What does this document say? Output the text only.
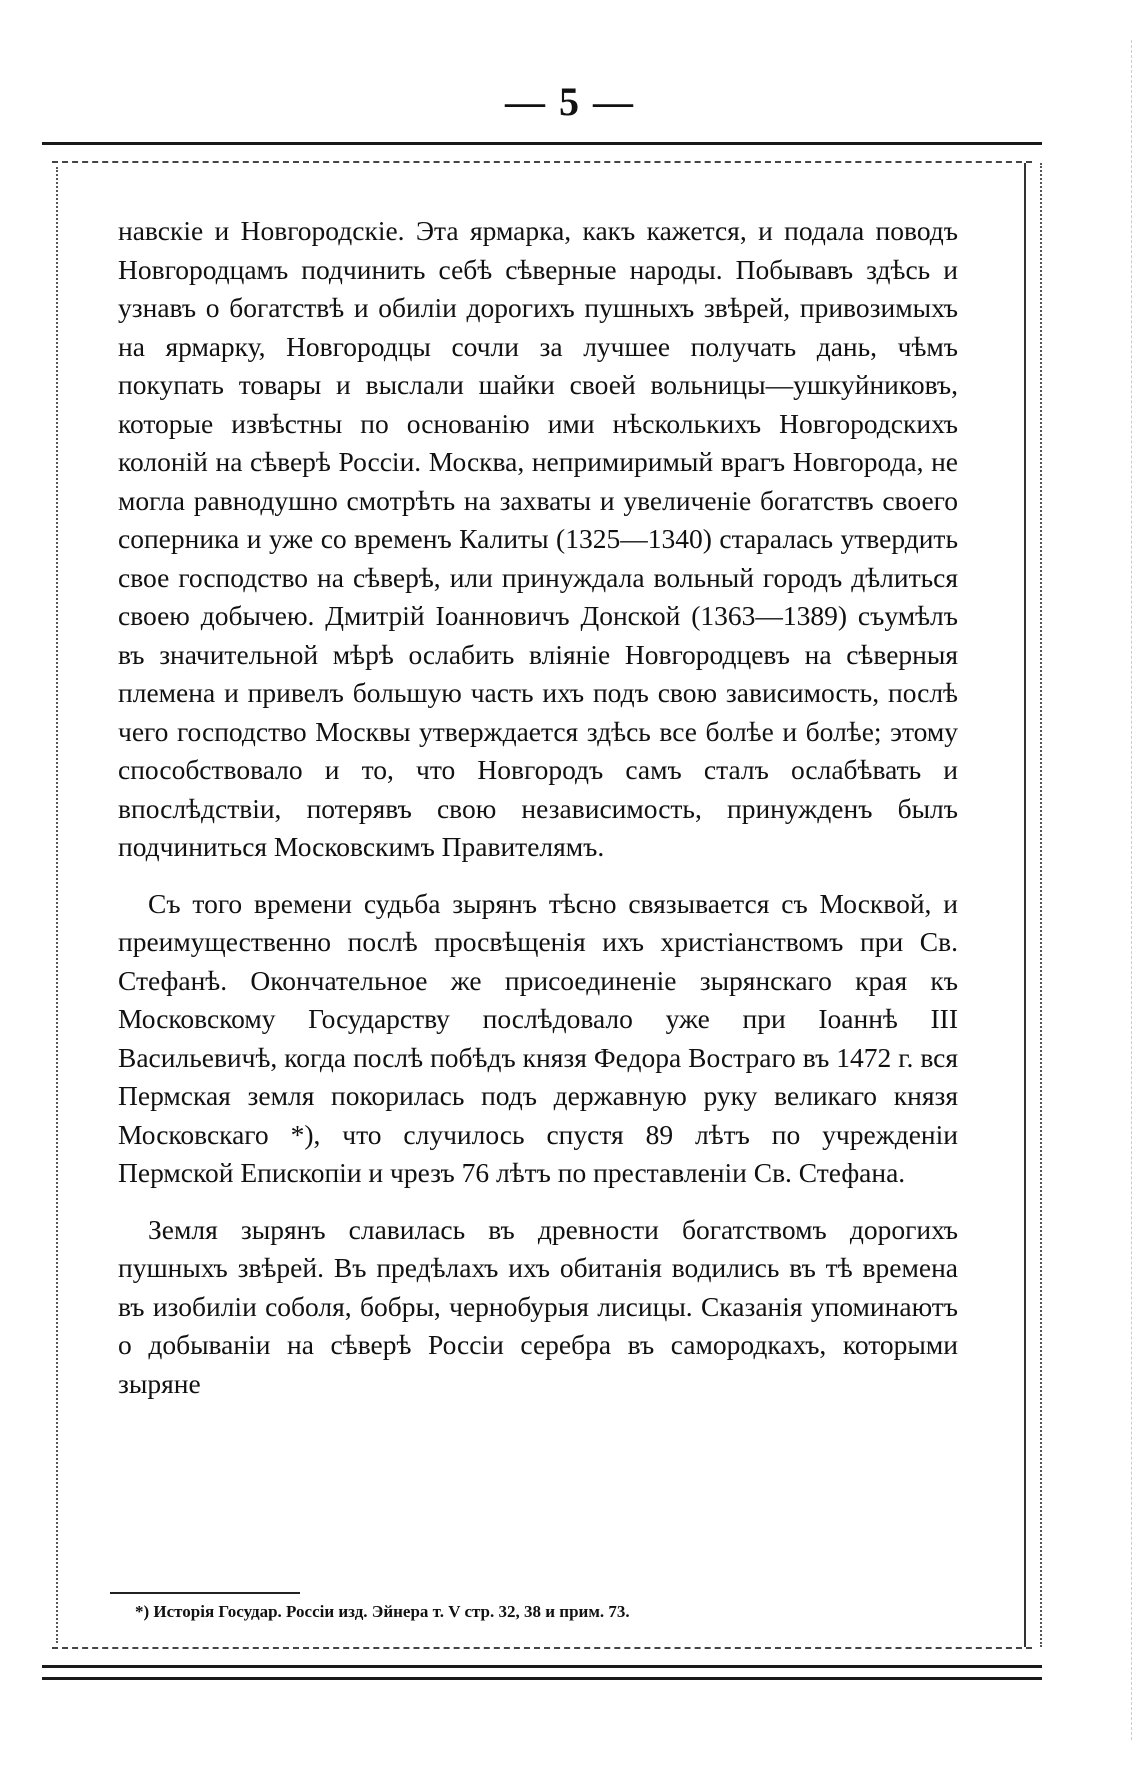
— 5 —

навскіе и Новгородскіе. Эта ярмарка, какъ кажется, и подала поводъ Новгородцамъ подчинить себѣ сѣверные народы. Побывавъ здѣсь и узнавъ о богатствѣ и обиліи дорогихъ пушныхъ звѣрей, привозимыхъ на ярмарку, Новгородцы сочли за лучшее получать дань, чѣмъ покупать товары и выслали шайки своей вольницы—ушкуйниковъ, которые извѣстны по основанію ими нѣсколькихъ Новгородскихъ колоній на сѣверѣ Россіи. Москва, непримиримый врагъ Новгорода, не могла равнодушно смотрѣть на захваты и увеличеніе богатствъ своего соперника и уже со временъ Калиты (1325—1340) старалась утвердить свое господство на сѣверѣ, или принуждала вольный городъ дѣлиться своею добычею. Дмитрій Іоанновичъ Донской (1363—1389) съумѣлъ въ значительной мѣрѣ ослабить вліяніе Новгородцевъ на сѣверныя племена и привелъ большую часть ихъ подъ свою зависимость, послѣ чего господство Москвы утверждается здѣсь все болѣе и болѣе; этому способствовало и то, что Новгородъ самъ сталъ ослабѣвать и впослѣдствіи, потерявъ свою независимость, принужденъ былъ подчиниться Московскимъ Правителямъ.

Съ того времени судьба зырянъ тѣсно связывается съ Москвой, и преимущественно послѣ просвѣщенія ихъ христіанствомъ при Св. Стефанѣ. Окончательное же присоединеніе зырянскаго края къ Московскому Государству послѣдовало уже при Іоаннѣ III Васильевичѣ, когда послѣ побѣдъ князя Федора Вострaго въ 1472 г. вся Пермская земля покорилась подъ державную руку великаго князя Московскаго *), что случилось спустя 89 лѣтъ по учрежденіи Пермской Епископіи и чрезъ 76 лѣтъ по преставленіи Св. Стефана.

Земля зырянъ славилась въ древности богатствомъ дорогихъ пушныхъ звѣрей. Въ предѣлахъ ихъ обитанія водились въ тѣ времена въ изобиліи соболя, бобры, чернобурыя лисицы. Сказанія упоминаютъ о добываніи на сѣверѣ Россіи серебра въ самородкахъ, которыми зыряне

*) Исторія Госудaр. Россіи изд. Эйнера т. V стр. 32, 38 и прим. 73.
